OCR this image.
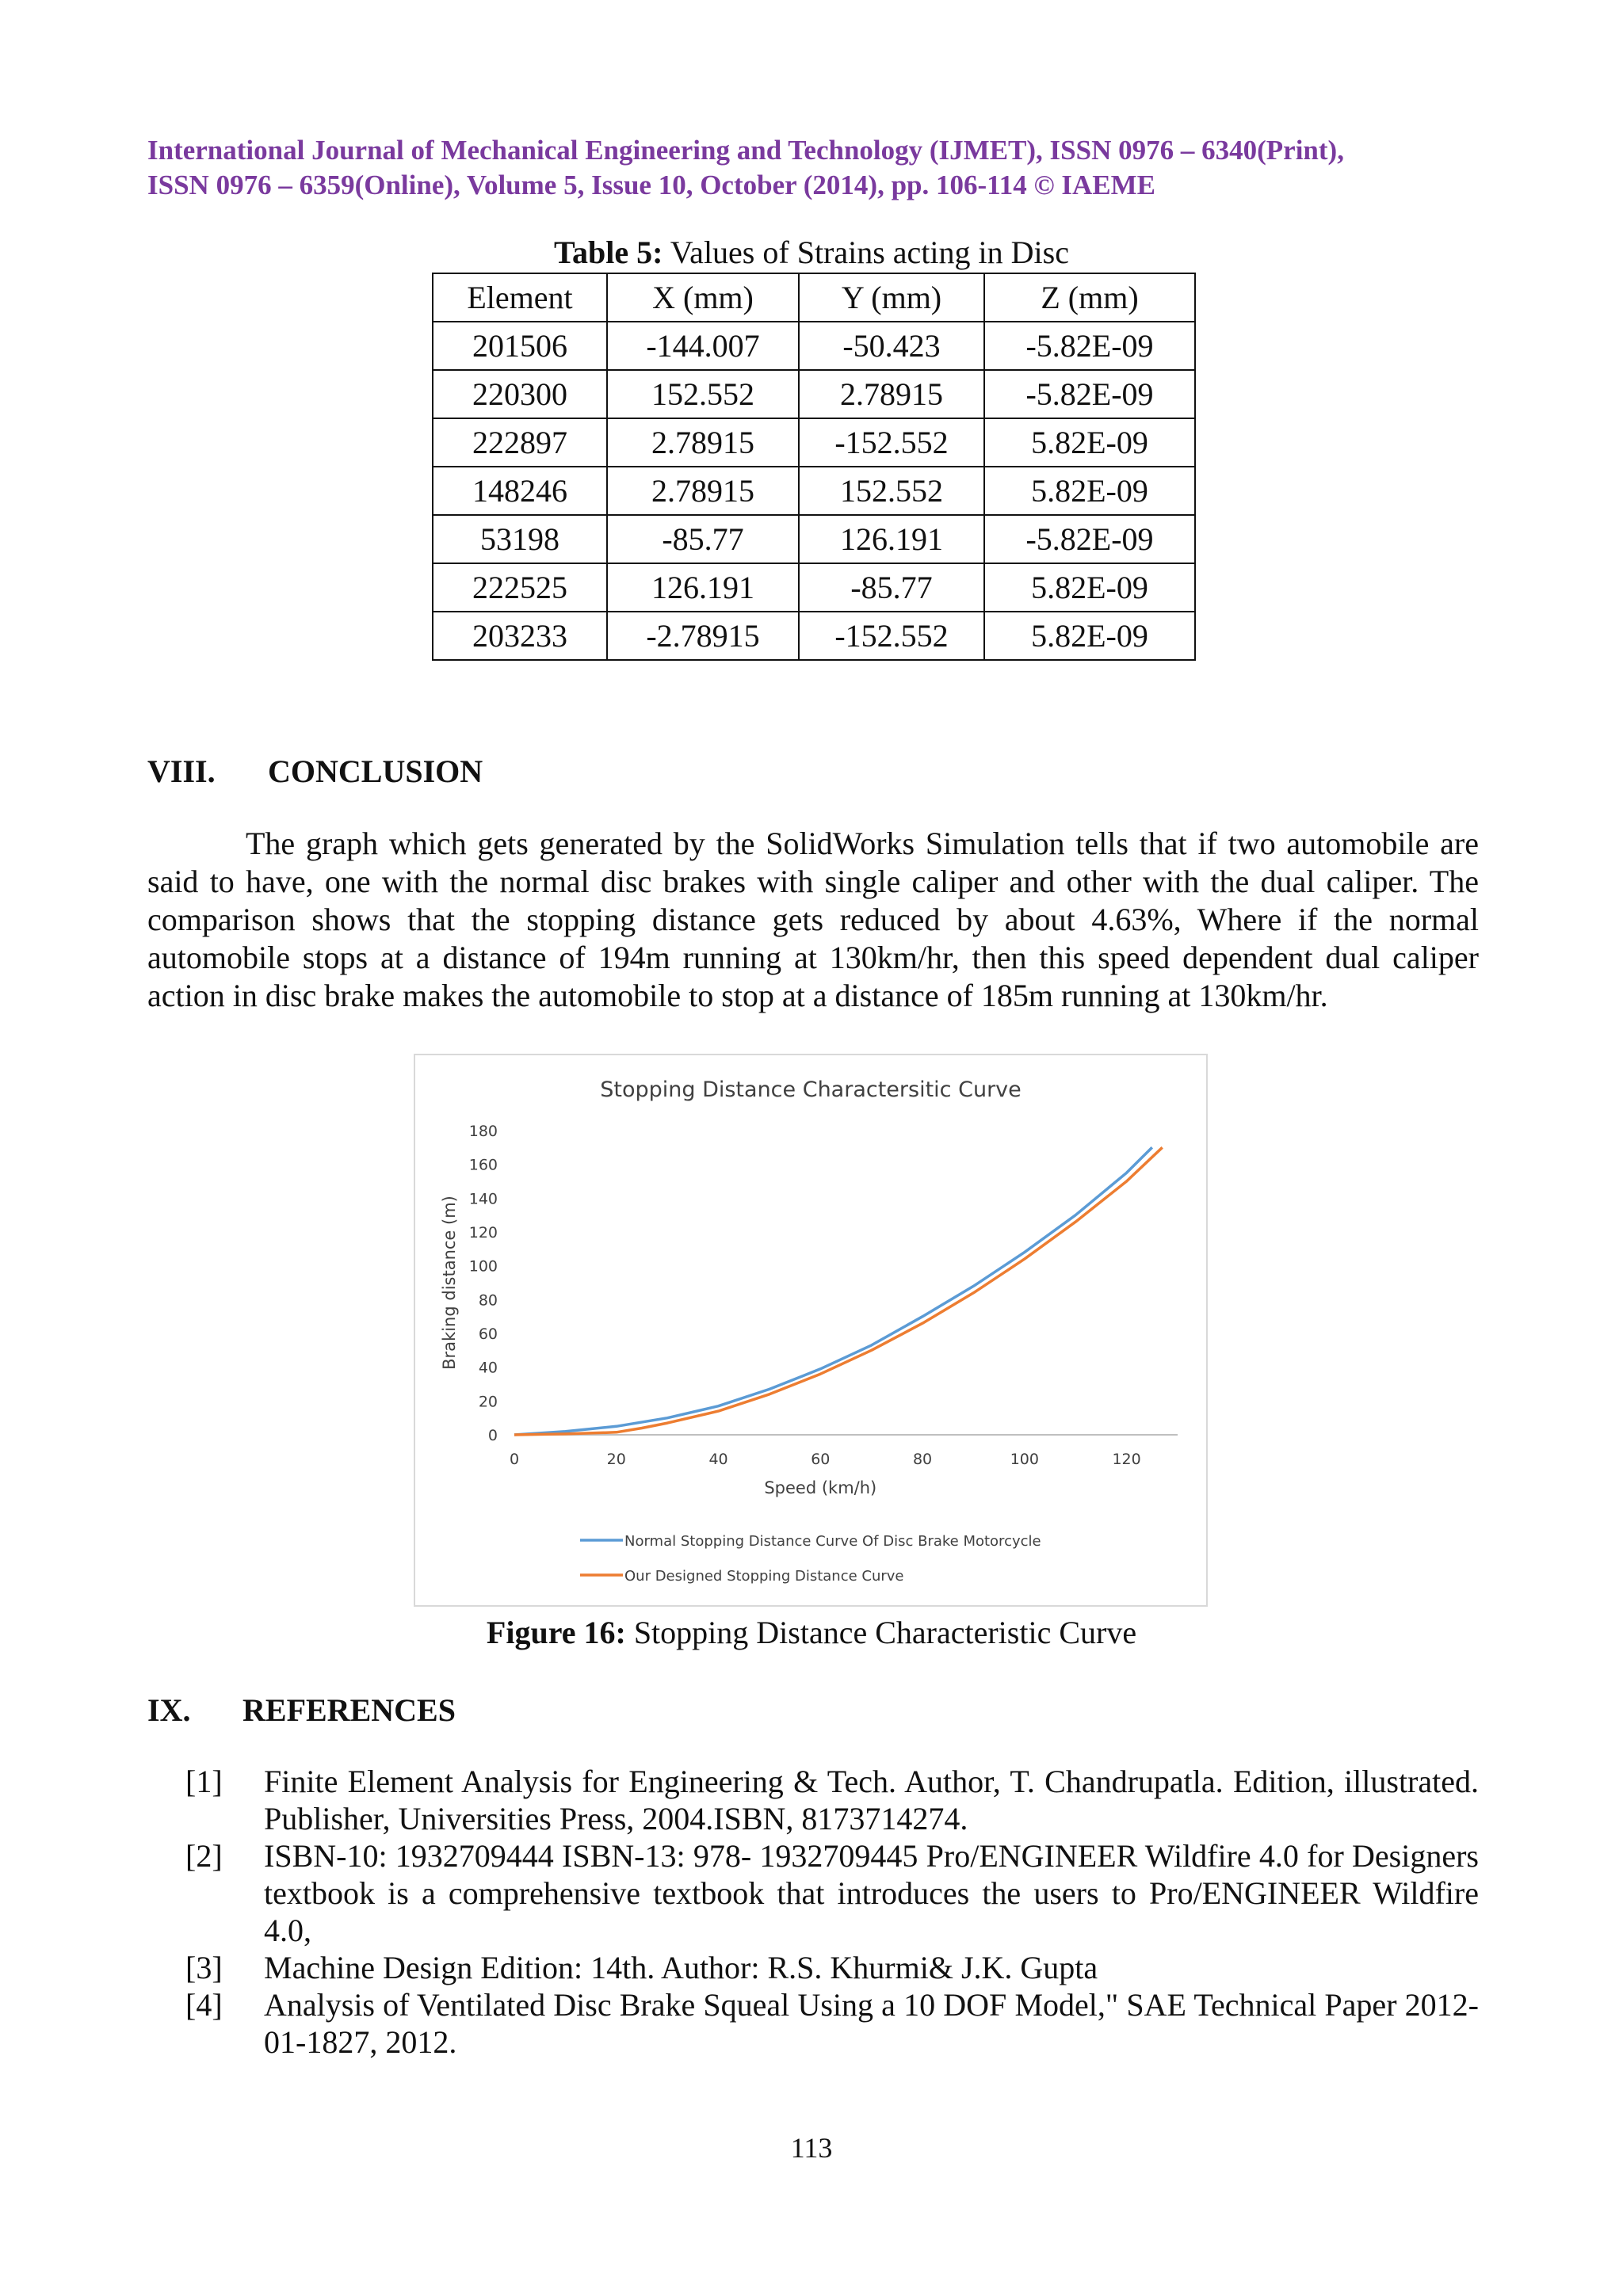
International Journal of Mechanical Engineering and Technology (IJMET), ISSN 0976 – 6340(Print),
ISSN 0976 – 6359(Online), Volume 5, Issue 10, October (2014), pp. 106-114 © IAEME
Table 5: Values of Strains acting in Disc
Element	X (mm)	Y (mm)	Z (mm)
201506	-144.007	-50.423	-5.82E-09
220300	152.552	2.78915	-5.82E-09
222897	2.78915	-152.552	5.82E-09
148246	2.78915	152.552	5.82E-09
53198	-85.77	126.191	-5.82E-09
222525	126.191	-85.77	5.82E-09
203233	-2.78915	-152.552	5.82E-09
VIII. CONCLUSION
The graph which gets generated by the SolidWorks Simulation tells that if two automobile are said to have, one with the normal disc brakes with single caliper and other with the dual caliper. The comparison shows that the stopping distance gets reduced by about 4.63%, Where if the normal automobile stops at a distance of 194m running at 130km/hr, then this speed dependent dual caliper action in disc brake makes the automobile to stop at a distance of 185m running at 130km/hr.
Stopping Distance Charactersitic Curve
0
20
40
60
80
100
120
140
160
180
0	20	40	60	80	100	120
Braking distance (m)
Speed (km/h)
Normal Stopping Distance Curve Of Disc Brake Motorcycle
Our Designed Stopping Distance Curve
Figure 16: Stopping Distance Characteristic Curve
IX. REFERENCES
[1]	Finite Element Analysis for Engineering & Tech. Author, T. Chandrupatla. Edition, illustrated. Publisher, Universities Press, 2004.ISBN, 8173714274.
[2]	ISBN-10: 1932709444 ISBN-13: 978- 1932709445 Pro/ENGINEER Wildfire 4.0 for Designers textbook is a comprehensive textbook that introduces the users to Pro/ENGINEER Wildfire 4.0,
[3]	Machine Design Edition: 14th. Author: R.S. Khurmi& J.K. Gupta
[4]	Analysis of Ventilated Disc Brake Squeal Using a 10 DOF Model," SAE Technical Paper 2012-01-1827, 2012.
113
